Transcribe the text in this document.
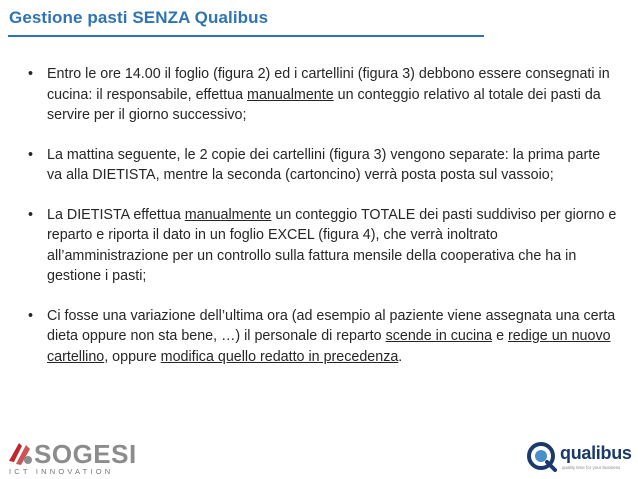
Gestione pasti SENZA Qualibus
• Entro le ore 14.00 il foglio (figura 2) ed i cartellini (figura 3) debbono essere consegnati in cucina: il responsabile, effettua manualmente un conteggio relativo al totale dei pasti da servire per il giorno successivo;
• La mattina seguente, le 2 copie dei cartellini (figura 3) vengono separate: la prima parte va alla DIETISTA, mentre la seconda (cartoncino) verrà posta posta sul vassoio;
• La DIETISTA effettua manualmente un conteggio TOTALE dei pasti suddiviso per giorno e reparto e riporta il dato in un foglio EXCEL (figura 4), che verrà inoltrato all’amministrazione per un controllo sulla fattura mensile della cooperativa che ha in gestione i pasti;
• Ci fosse una variazione dell’ultima ora (ad esempio al paziente viene assegnata una certa dieta oppure non sta bene, …) il personale di reparto scende in cucina e redige un nuovo cartellino, oppure modifica quello redatto in precedenza.
SOGESI
ICT INNOVATION
qualibus
quality time for your business
